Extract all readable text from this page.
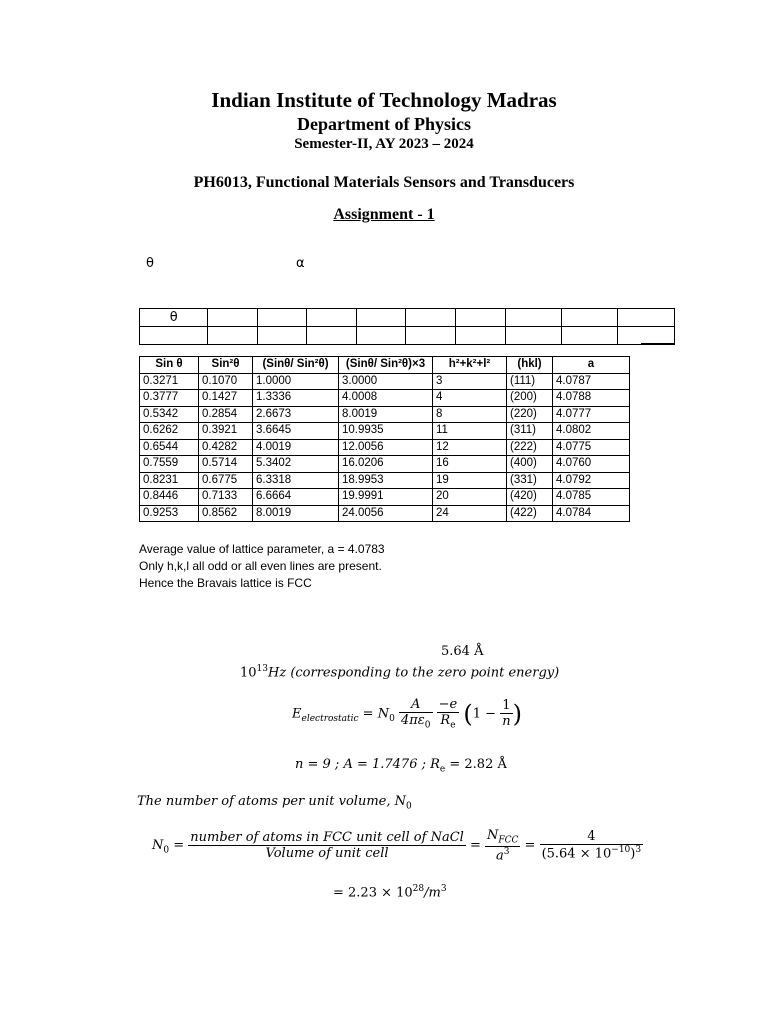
Indian Institute of Technology Madras
Department of Physics
Semester-II, AY 2023 – 2024
PH6013, Functional Materials Sensors and Transducers
Assignment - 1
θ	α
θ									

Sin θ	Sin²θ	(Sinθ/ Sin²θ)	(Sinθ/ Sin²θ)×3	h²+k²+l²	(hkl)	a
0.3271	0.1070	1.0000	3.0000	3	(111)	4.0787
0.3777	0.1427	1.3336	4.0008	4	(200)	4.0788
0.5342	0.2854	2.6673	8.0019	8	(220)	4.0777
0.6262	0.3921	3.6645	10.9935	11	(311)	4.0802
0.6544	0.4282	4.0019	12.0056	12	(222)	4.0775
0.7559	0.5714	5.3402	16.0206	16	(400)	4.0760
0.8231	0.6775	6.3318	18.9953	19	(331)	4.0792
0.8446	0.7133	6.6664	19.9991	20	(420)	4.0785
0.9253	0.8562	8.0019	24.0056	24	(422)	4.0784
Average value of lattice parameter, a = 4.0783
Only h,k,l all odd or all even lines are present.
Hence the Bravais lattice is FCC
5.64 Å
$10^{13}Hz$ (corresponding to the zero point energy)
$E_{electrostatic} = N_0 \frac{A}{4\pi\varepsilon_0}$
$\frac{-e}{R_e} (1 - \frac{1}{n}$ )
n = 9 ; A = 1.7476 ; $R_e = 2.82$ Å
The number of atoms per unit volume, $N_0$
$N_0 = \frac{\text{number of atoms in FCC unit cell of NaCl}}{\text{Volume of unit cell}} = \frac{N_{FCC}}{a^3} = \frac{4}{(5.64 \times 10^{-10})^3}$
= $2.23 \times 10^{28}/m^3$
